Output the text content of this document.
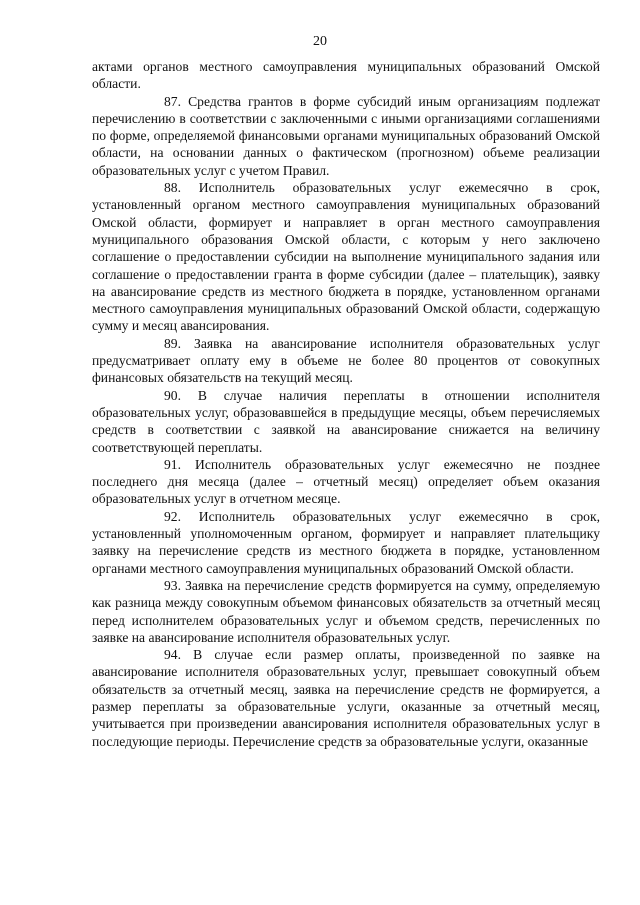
20

актами органов местного самоуправления муниципальных образований Омской области.

87. Средства грантов в форме субсидий иным организациям подлежат перечислению в соответствии с заключенными с иными организациями соглашениями по форме, определяемой финансовыми органами муниципальных образований Омской области, на основании данных о фактическом (прогнозном) объеме реализации образовательных услуг с учетом Правил.

88. Исполнитель образовательных услуг ежемесячно в срок, установленный органом местного самоуправления муниципальных образований Омской области, формирует и направляет в орган местного самоуправления муниципального образования Омской области, с которым у него заключено соглашение о предоставлении субсидии на выполнение муниципального задания или соглашение о предоставлении гранта в форме субсидии (далее – плательщик), заявку на авансирование средств из местного бюджета в порядке, установленном органами местного самоуправления муниципальных образований Омской области, содержащую сумму и месяц авансирования.

89. Заявка на авансирование исполнителя образовательных услуг предусматривает оплату ему в объеме не более 80 процентов от совокупных финансовых обязательств на текущий месяц.

90. В случае наличия переплаты в отношении исполнителя образовательных услуг, образовавшейся в предыдущие месяцы, объем перечисляемых средств в соответствии с заявкой на авансирование снижается на величину соответствующей переплаты.

91. Исполнитель образовательных услуг ежемесячно не позднее последнего дня месяца (далее – отчетный месяц) определяет объем оказания образовательных услуг в отчетном месяце.

92. Исполнитель образовательных услуг ежемесячно в срок, установленный уполномоченным органом, формирует и направляет плательщику заявку на перечисление средств из местного бюджета в порядке, установленном органами местного самоуправления муниципальных образований Омской области.

93. Заявка на перечисление средств формируется на сумму, определяемую как разница между совокупным объемом финансовых обязательств за отчетный месяц перед исполнителем образовательных услуг и объемом средств, перечисленных по заявке на авансирование исполнителя образовательных услуг.

94. В случае если размер оплаты, произведенной по заявке на авансирование исполнителя образовательных услуг, превышает совокупный объем обязательств за отчетный месяц, заявка на перечисление средств не формируется, а размер переплаты за образовательные услуги, оказанные за отчетный месяц, учитывается при произведении авансирования исполнителя образовательных услуг в последующие периоды. Перечисление средств за образовательные услуги, оказанные
